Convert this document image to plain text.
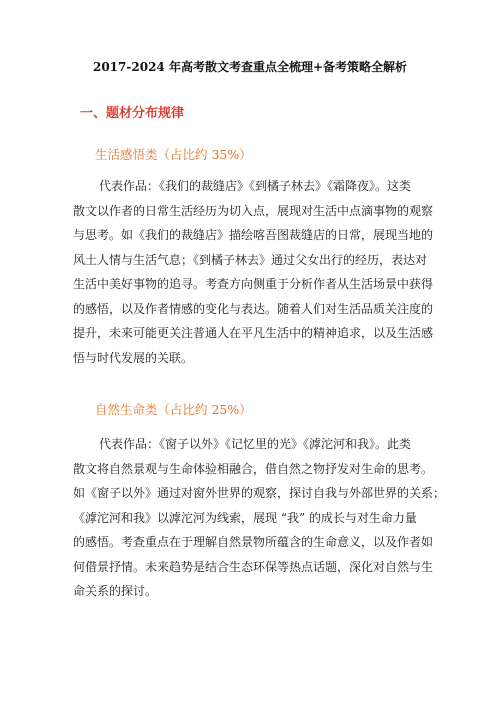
2017-2024 年高考散文考查重点全梳理+备考策略全解析
一、题材分布规律
生活感悟类（占比约 35%）
代表作品：《我们的裁缝店》《到橘子林去》《霜降夜》。这类
散文以作者的日常生活经历为切入点，展现对生活中点滴事物的观察
与思考。如《我们的裁缝店》描绘喀吾图裁缝店的日常，展现当地的
风土人情与生活气息；《到橘子林去》通过父女出行的经历，表达对
生活中美好事物的追寻。考查方向侧重于分析作者从生活场景中获得
的感悟，以及作者情感的变化与表达。随着人们对生活品质关注度的
提升，未来可能更关注普通人在平凡生活中的精神追求，以及生活感
悟与时代发展的关联。
自然生命类（占比约 25%）
代表作品：《窗子以外》《记忆里的光》《滹沱河和我》。此类
散文将自然景观与生命体验相融合，借自然之物抒发对生命的思考。
如《窗子以外》通过对窗外世界的观察，探讨自我与外部世界的关系；
《滹沱河和我》以滹沱河为线索，展现 “我” 的成长与对生命力量
的感悟。考查重点在于理解自然景物所蕴含的生命意义，以及作者如
何借景抒情。未来趋势是结合生态环保等热点话题，深化对自然与生
命关系的探讨。
